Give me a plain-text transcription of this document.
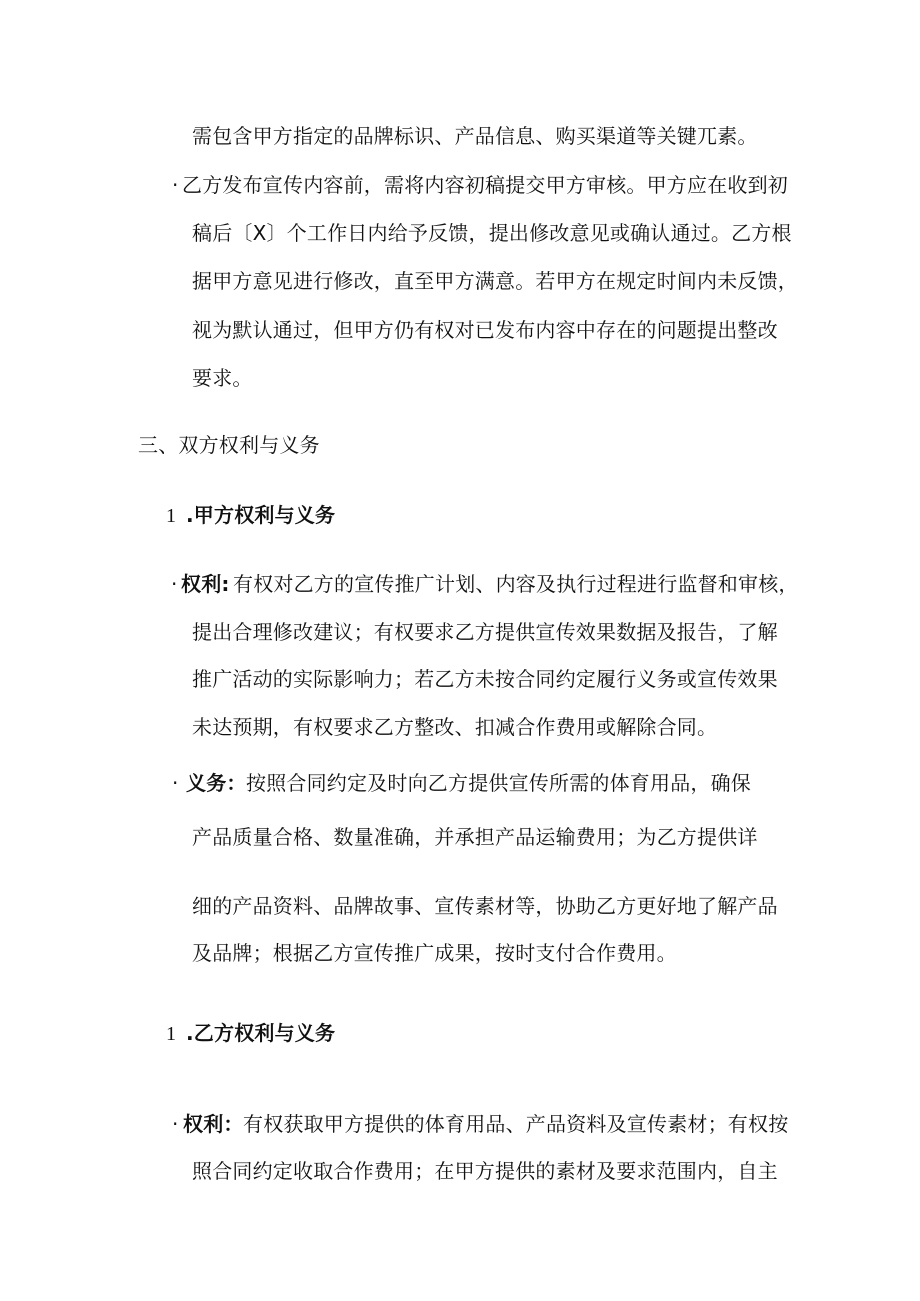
需包含甲方指定的品牌标识、产品信息、购买渠道等关键兀素。

· 乙方发布宣传内容前，需将内容初稿提交甲方审核。甲方应在收到初

稿后〔X〕个工作日内给予反馈，提出修改意见或确认通过。乙方根

据甲方意见进行修改，直至甲方满意。若甲方在规定时间内未反馈，

视为默认通过，但甲方仍有权对已发布内容中存在的问题提出整改

要求。

三、双方权利与义务
1 .甲方权利与义务
· 权利: 有权对乙方的宣传推广计划、内容及执行过程进行监督和审核，

提出合理修改建议；有权要求乙方提供宣传效果数据及报告，了解

推广活动的实际影响力；若乙方未按合同约定履行义务或宣传效果

未达预期，有权要求乙方整改、扣减合作费用或解除合同。

· 义务： 按照合同约定及时向乙方提供宣传所需的体育用品，确保

产品质量合格、数量准确，并承担产品运输费用；为乙方提供详

细的产品资料、品牌故事、宣传素材等，协助乙方更好地了解产品

及品牌；根据乙方宣传推广成果，按时支付合作费用。

1 .乙方权利与义务
· 权利： 有权获取甲方提供的体育用品、产品资料及宣传素材；有权按

照合同约定收取合作费用；在甲方提供的素材及要求范围内，自主
